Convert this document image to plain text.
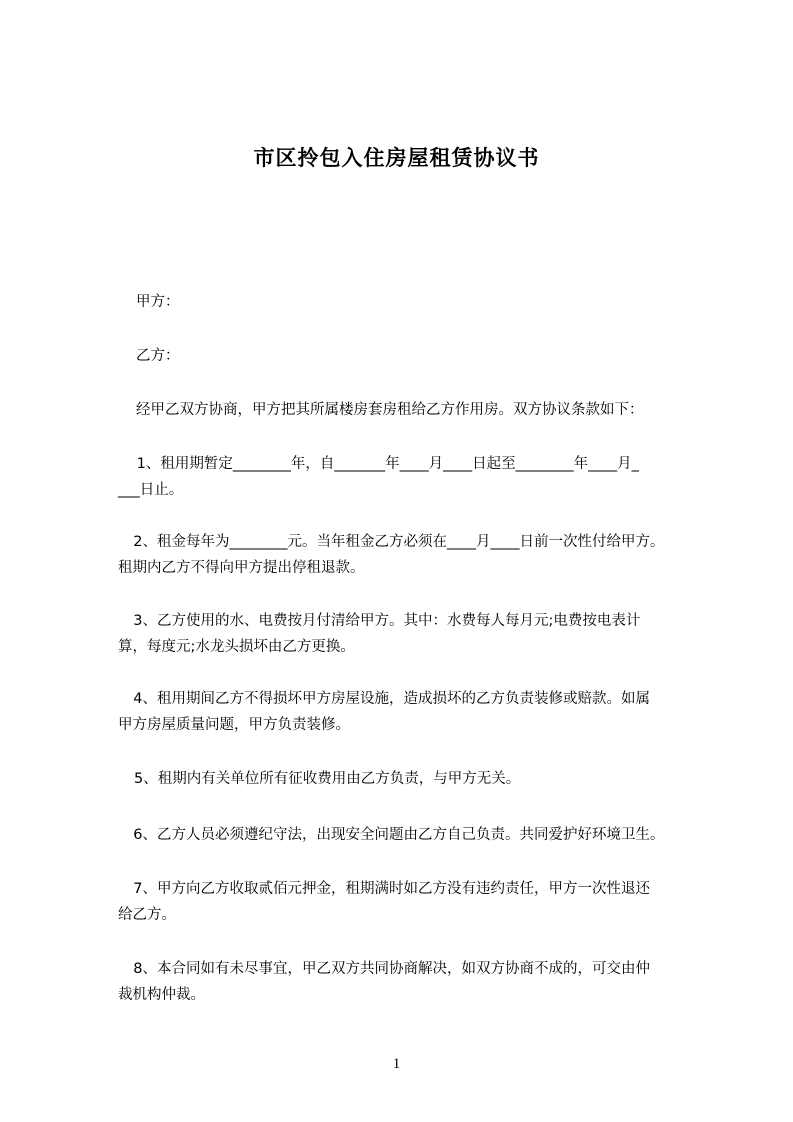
市区拎包入住房屋租赁协议书
甲方：
乙方：
经甲乙双方协商，甲方把其所属楼房套房租给乙方作用房。双方协议条款如下：
1、租用期暂定________年，自_______年____月____日起至________年____月_
___日止。
2、租金每年为________元。当年租金乙方必须在____月____日前一次性付给甲方。
租期内乙方不得向甲方提出停租退款。
3、乙方使用的水、电费按月付清给甲方。其中：水费每人每月元;电费按电表计
算，每度元;水龙头损坏由乙方更换。
4、租用期间乙方不得损坏甲方房屋设施，造成损坏的乙方负责装修或赔款。如属
甲方房屋质量问题，甲方负责装修。
5、租期内有关单位所有征收费用由乙方负责，与甲方无关。
6、乙方人员必须遵纪守法，出现安全问题由乙方自己负责。共同爱护好环境卫生。
7、甲方向乙方收取贰佰元押金，租期满时如乙方没有违约责任，甲方一次性退还
给乙方。
8、本合同如有未尽事宜，甲乙双方共同协商解决，如双方协商不成的，可交由仲
裁机构仲裁。
1
